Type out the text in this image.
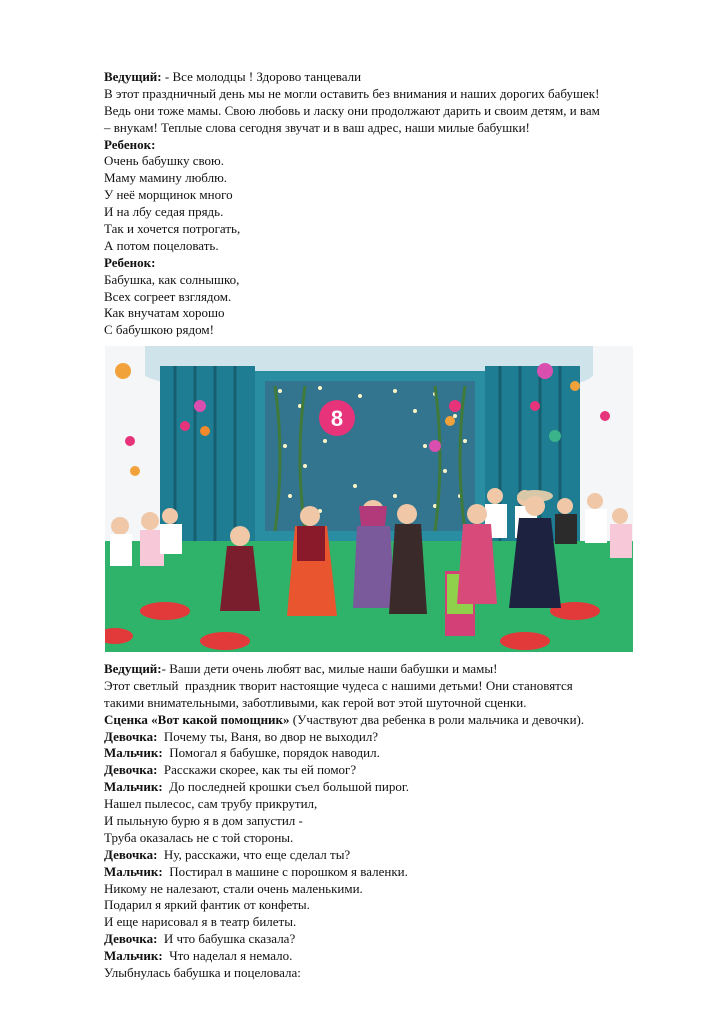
Ведущий: - Все молодцы ! Здорово танцевали
В этот праздничный день мы не могли оставить без внимания и наших дорогих бабушек!
Ведь они тоже мамы. Свою любовь и ласку они продолжают дарить и своим детям, и вам
– внукам! Теплые слова сегодня звучат и в ваш адрес, наши милые бабушки!
Ребенок:
Очень бабушку свою.
Маму мамину люблю.
У неё морщинок много
И на лбу седая прядь.
Так и хочется потрогать,
А потом поцеловать.
Ребенок:
Бабушка, как солнышко,
Всех согреет взглядом.
Как внучатам хорошо
С бабушкою рядом!
8
Ведущий:- Ваши дети очень любят вас, милые наши бабушки и мамы!
Этот светлый  праздник творит настоящие чудеса с нашими детьми! Они становятся
такими внимательными, заботливыми, как герой вот этой шуточной сценки.
Сценка «Вот какой помощник» (Участвуют два ребенка в роли мальчика и девочки).
Девочка:  Почему ты, Ваня, во двор не выходил?
Мальчик:  Помогал я бабушке, порядок наводил.
Девочка:  Расскажи скорее, как ты ей помог?
Мальчик:  До последней крошки съел большой пирог.
Нашел пылесос, сам трубу прикрутил,
И пыльную бурю я в дом запустил -
Труба оказалась не с той стороны.
Девочка:  Ну, расскажи, что еще сделал ты?
Мальчик:  Постирал в машине с порошком я валенки.
Никому не налезают, стали очень маленькими.
Подарил я яркий фантик от конфеты.
И еще нарисовал я в театр билеты.
Девочка:  И что бабушка сказала?
Мальчик:  Что наделал я немало.
Улыбнулась бабушка и поцеловала:
